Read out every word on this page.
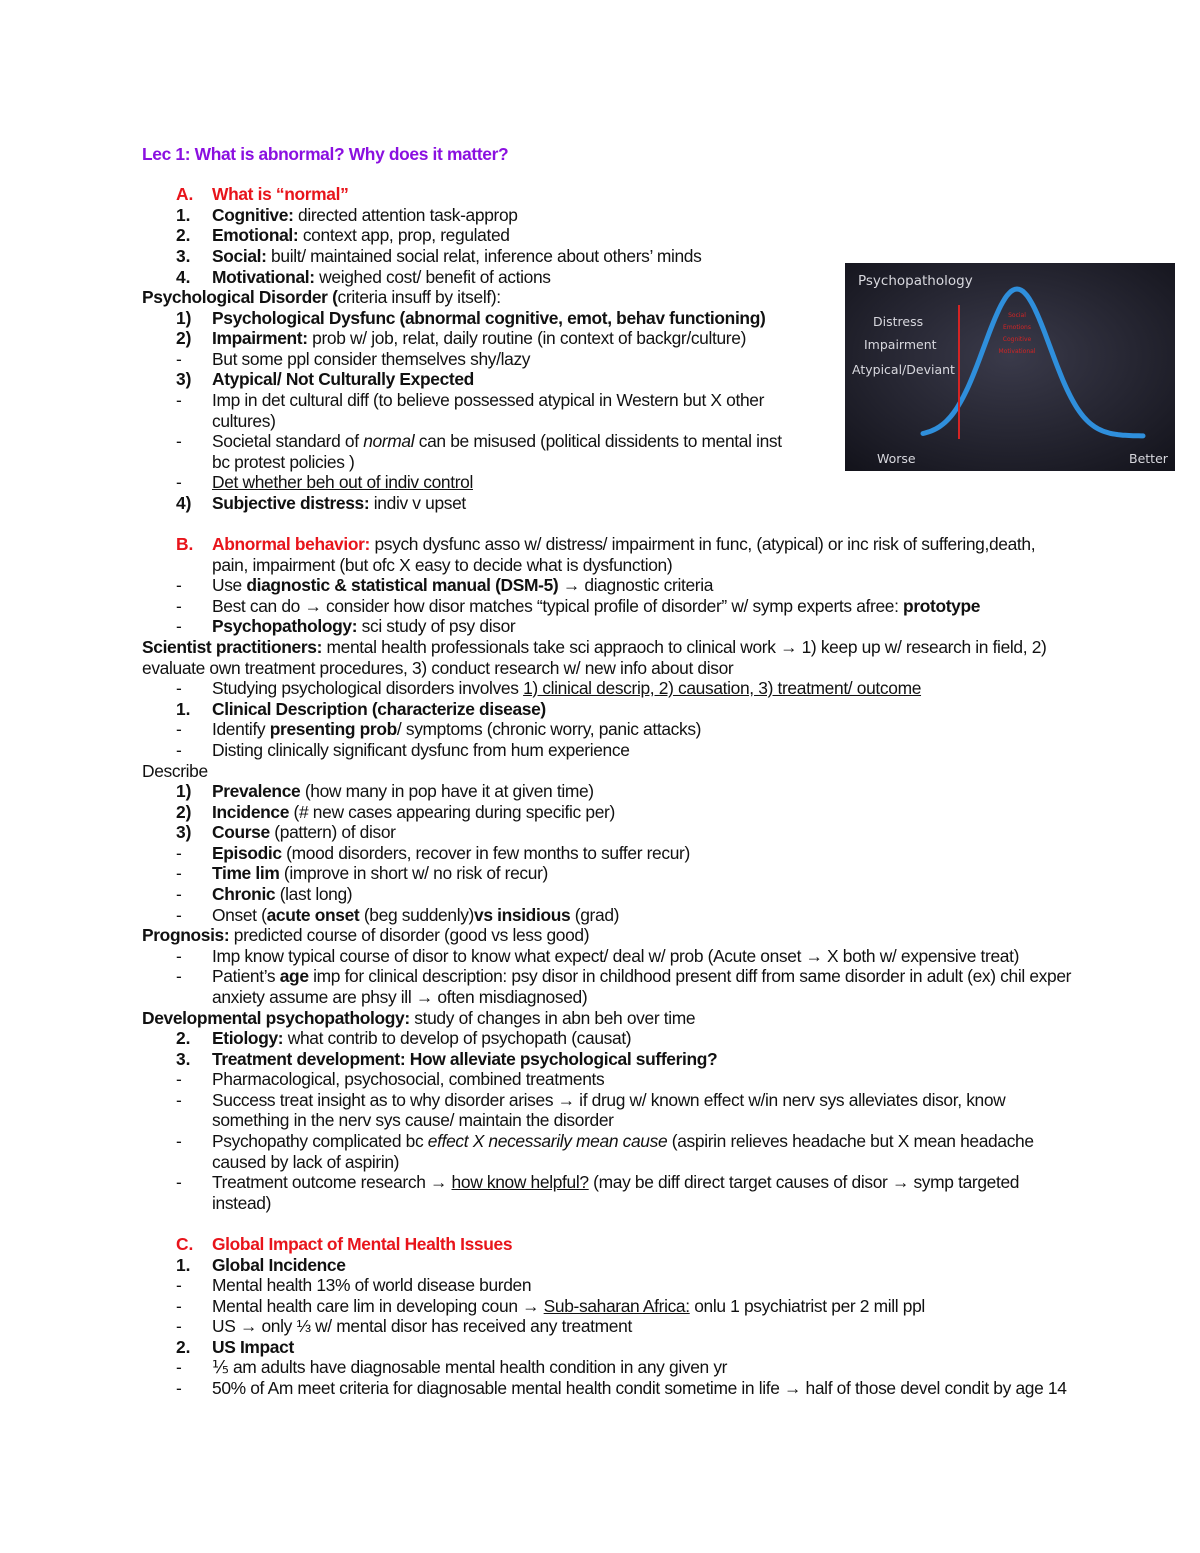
Lec 1: What is abnormal? Why does it matter?
A. What is “normal”
1. Cognitive: directed attention task-approp
2. Emotional: context app, prop, regulated
3. Social: built/ maintained social relat, inference about others’ minds
4. Motivational: weighed cost/ benefit of actions
Psychological Disorder (criteria insuff by itself):
1) Psychological Dysfunc (abnormal cognitive, emot, behav functioning)
2) Impairment: prob w/ job, relat, daily routine (in context of backgr/culture)
- But some ppl consider themselves shy/lazy
3) Atypical/ Not Culturally Expected
- Imp in det cultural diff (to believe possessed atypical in Western but X other
cultures)
- Societal standard of normal can be misused (political dissidents to mental inst
bc protest policies )
- Det whether beh out of indiv control
4) Subjective distress: indiv v upset
B. Abnormal behavior: psych dysfunc asso w/ distress/ impairment in func, (atypical) or inc risk of suffering,death,
pain, impairment (but ofc X easy to decide what is dysfunction)
- Use diagnostic & statistical manual (DSM-5) → diagnostic criteria
- Best can do → consider how disor matches “typical profile of disorder” w/ symp experts afree: prototype
- Psychopathology: sci study of psy disor
Scientist practitioners: mental health professionals take sci appraoch to clinical work → 1) keep up w/ research in field, 2)
evaluate own treatment procedures, 3) conduct research w/ new info about disor
- Studying psychological disorders involves 1) clinical descrip, 2) causation, 3) treatment/ outcome
1. Clinical Description (characterize disease)
- Identify presenting prob/ symptoms (chronic worry, panic attacks)
- Disting clinically significant dysfunc from hum experience
Describe
1) Prevalence (how many in pop have it at given time)
2) Incidence (# new cases appearing during specific per)
3) Course (pattern) of disor
- Episodic (mood disorders, recover in few months to suffer recur)
- Time lim (improve in short w/ no risk of recur)
- Chronic (last long)
- Onset (acute onset (beg suddenly)vs insidious (grad)
Prognosis: predicted course of disorder (good vs less good)
- Imp know typical course of disor to know what expect/ deal w/ prob (Acute onset → X both w/ expensive treat)
- Patient’s age imp for clinical description: psy disor in childhood present diff from same disorder in adult (ex) chil exper
anxiety assume are phsy ill → often misdiagnosed)
Developmental psychopathology: study of changes in abn beh over time
2. Etiology: what contrib to develop of psychopath (causat)
3. Treatment development: How alleviate psychological suffering?
- Pharmacological, psychosocial, combined treatments
- Success treat insight as to why disorder arises → if drug w/ known effect w/in nerv sys alleviates disor, know
something in the nerv sys cause/ maintain the disorder
- Psychopathy complicated bc effect X necessarily mean cause (aspirin relieves headache but X mean headache
caused by lack of aspirin)
- Treatment outcome research → how know helpful? (may be diff direct target causes of disor → symp targeted
instead)
C. Global Impact of Mental Health Issues
1. Global Incidence
- Mental health 13% of world disease burden
- Mental health care lim in developing coun → Sub-saharan Africa: onlu 1 psychiatrist per 2 mill ppl
- US → only ⅓ w/ mental disor has received any treatment
2. US Impact
- ⅕ am adults have diagnosable mental health condition in any given yr
- 50% of Am meet criteria for diagnosable mental health condit sometime in life → half of those devel condit by age 14
Psychopathology
Distress
Impairment
Atypical/Deviant
Social
Emotions
Cognitive
Motivational
Worse	Better
